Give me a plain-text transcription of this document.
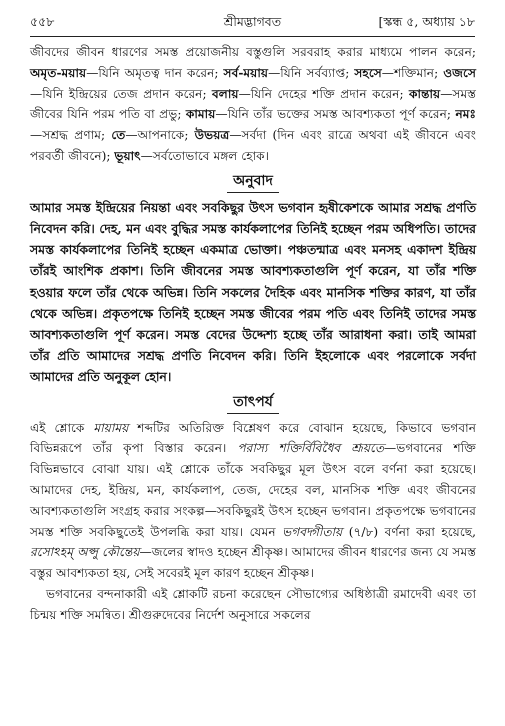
৫৫৮	শ্রীমদ্ভাগবত	[স্কন্ধ ৫, অধ্যায় ১৮

জীবদের জীবন ধারণের সমস্ত প্রয়োজনীয় বস্তুগুলি সরবরাহ করার মাধ্যমে পালন করেন; অমৃত-ময়ায়—যিনি অমৃতত্ব দান করেন; সর্ব-ময়ায়—যিনি সর্বব্যাপ্ত; সহসে—শক্তিমান; ওজসে—যিনি ইন্দ্রিয়ের তেজ প্রদান করেন; বলায়—যিনি দেহের শক্তি প্রদান করেন; কান্তায়—সমস্ত জীবের যিনি পরম পতি বা প্রভু; কামায়—যিনি তাঁর ভক্তের সমস্ত আবশ্যকতা পূর্ণ করেন; নমঃ—সশ্রদ্ধ প্রণাম; তে—আপনাকে; উভয়ত্র—সর্বদা (দিন এবং রাত্রে অথবা এই জীবনে এবং পরবর্তী জীবনে); ভূয়াৎ—সর্বতোভাবে মঙ্গল হোক।

অনুবাদ

আমার সমস্ত ইন্দ্রিয়ের নিয়ন্তা এবং সবকিছুর উৎস ভগবান হৃষীকেশকে আমার সশ্রদ্ধ প্রণতি নিবেদন করি। দেহ, মন এবং বুদ্ধির সমস্ত কার্যকলাপের তিনিই হচ্ছেন পরম অধিপতি। তাদের সমস্ত কার্যকলাপের তিনিই হচ্ছেন একমাত্র ভোক্তা। পঞ্চতন্মাত্র এবং মনসহ একাদশ ইন্দ্রিয় তাঁরই আংশিক প্রকাশ। তিনি জীবনের সমস্ত আবশ্যকতাগুলি পূর্ণ করেন, যা তাঁর শক্তি হওয়ার ফলে তাঁর থেকে অভিন্ন। তিনি সকলের দৈহিক এবং মানসিক শক্তির কারণ, যা তাঁর থেকে অভিন্ন। প্রকৃতপক্ষে তিনিই হচ্ছেন সমস্ত জীবের পরম পতি এবং তিনিই তাদের সমস্ত আবশ্যকতাগুলি পূর্ণ করেন। সমস্ত বেদের উদ্দেশ্য হচ্ছে তাঁর আরাধনা করা। তাই আমরা তাঁর প্রতি আমাদের সশ্রদ্ধ প্রণতি নিবেদন করি। তিনি ইহলোকে এবং পরলোকে সর্বদা আমাদের প্রতি অনুকূল হোন।

তাৎপর্য

এই শ্লোকে মায়াময় শব্দটির অতিরিক্ত বিশ্লেষণ করে বোঝান হয়েছে, কিভাবে ভগবান বিভিন্নরূপে তাঁর কৃপা বিস্তার করেন। পরাস্য শক্তির্বিবিধৈব শ্রূয়তে—ভগবানের শক্তি বিভিন্নভাবে বোঝা যায়। এই শ্লোকে তাঁকে সবকিছুর মূল উৎস বলে বর্ণনা করা হয়েছে। আমাদের দেহ, ইন্দ্রিয়, মন, কার্যকলাপ, তেজ, দেহের বল, মানসিক শক্তি এবং জীবনের আবশ্যকতাগুলি সংগ্রহ করার সংকল্প—সবকিছুরই উৎস হচ্ছেন ভগবান। প্রকৃতপক্ষে ভগবানের সমস্ত শক্তি সবকিছুতেই উপলব্ধি করা যায়। যেমন ভগবদ্গীতায় (৭/৮) বর্ণনা করা হয়েছে, রসোঽহম্ অপ্সু কৌন্তেয়—জলের স্বাদও হচ্ছেন শ্রীকৃষ্ণ। আমাদের জীবন ধারণের জন্য যে সমস্ত বস্তুর আবশ্যকতা হয়, সেই সবেরই মূল কারণ হচ্ছেন শ্রীকৃষ্ণ।

ভগবানের বন্দনাকারী এই শ্লোকটি রচনা করেছেন সৌভাগ্যের অধিষ্ঠাত্রী রমাদেবী এবং তা চিন্ময় শক্তি সমন্বিত। শ্রীগুরুদেবের নির্দেশ অনুসারে সকলের
